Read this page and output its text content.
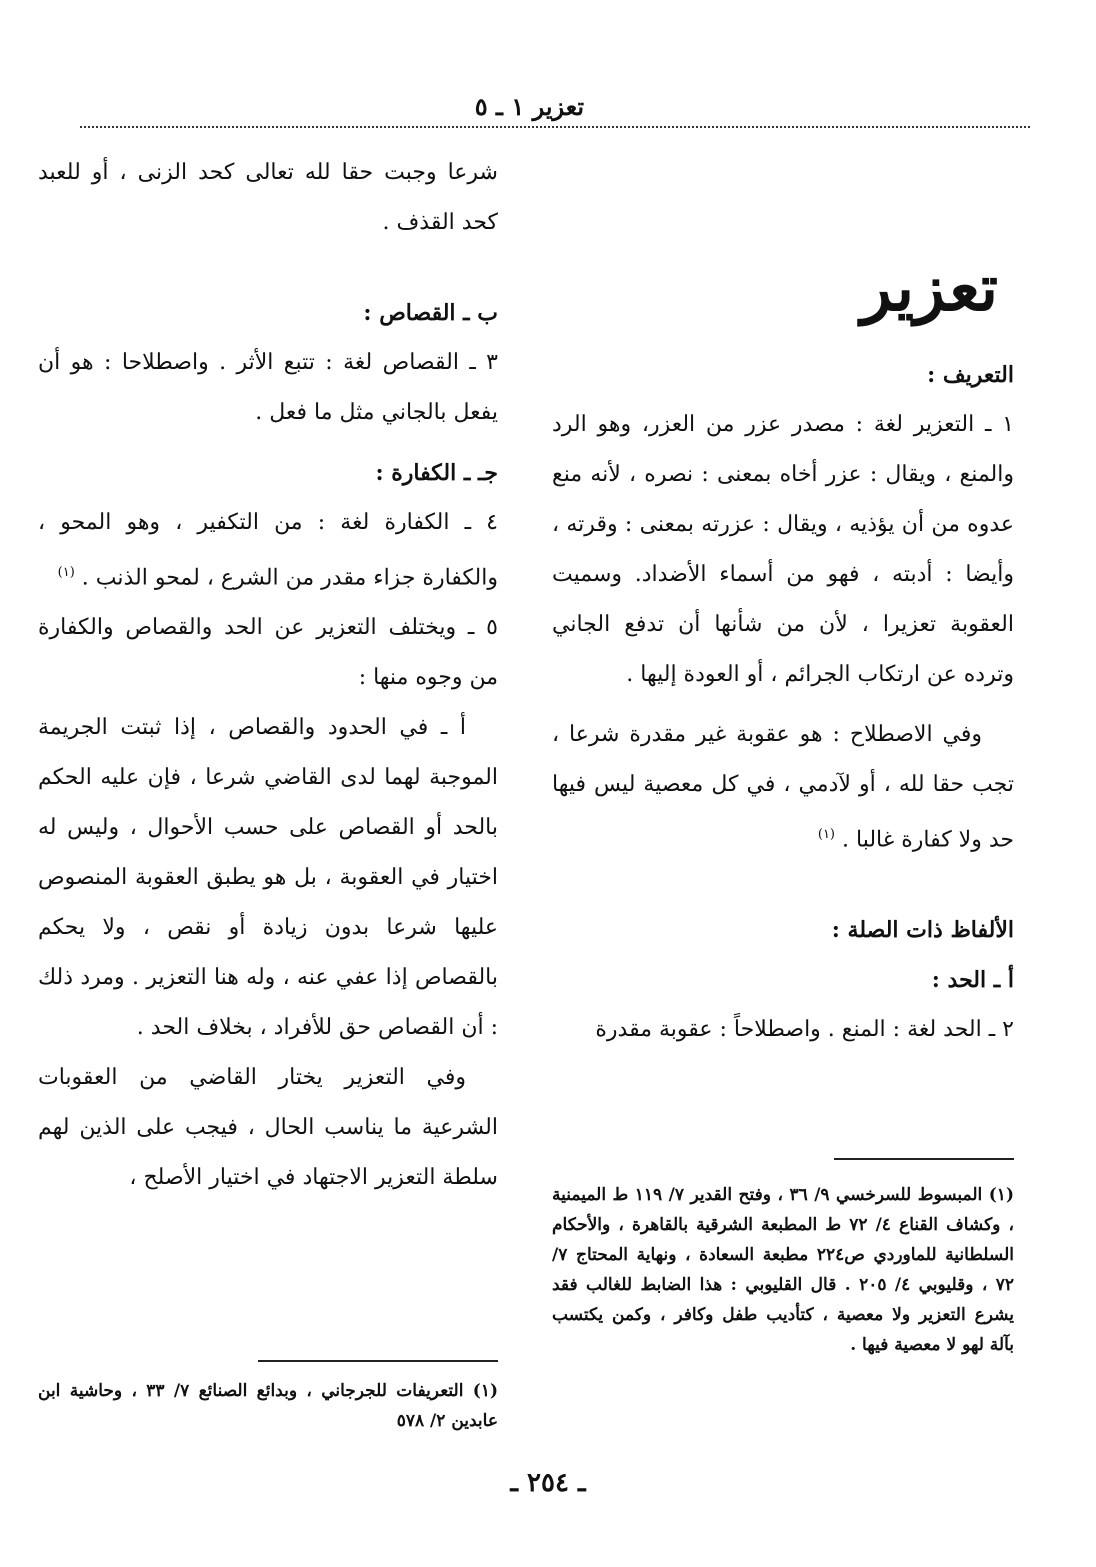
تعزير ١ ـ ٥
تعزير

التعريف :

١ ـ التعزير لغة : مصدر عزر من العزر، وهو الرد والمنع ، ويقال : عزر أخاه بمعنى : نصره ، لأنه منع عدوه من أن يؤذيه ، ويقال : عزرته بمعنى : وقرته ، وأيضا : أدبته ، فهو من أسماء الأضداد. وسميت العقوبة تعزيرا ، لأن من شأنها أن تدفع الجاني وترده عن ارتكاب الجرائم ، أو العودة إليها .

وفي الاصطلاح : هو عقوبة غير مقدرة شرعا ، تجب حقا لله ، أو لآدمي ، في كل معصية ليس فيها حد ولا كفارة غالبا . $^{(١)}$

الألفاظ ذات الصلة :

أ ـ الحد :

٢ ـ الحد لغة : المنع . واصطلاحاً : عقوبة مقدرة

شرعا وجبت حقا لله تعالى كحد الزنى ، أو للعبد كحد القذف .

ب ـ القصاص :

٣ ـ القصاص لغة : تتبع الأثر . واصطلاحا : هو أن يفعل بالجاني مثل ما فعل .

جـ ـ الكفارة :

٤ ـ الكفارة لغة : من التكفير ، وهو المحو ، والكفارة جزاء مقدر من الشرع ، لمحو الذنب . $^{(١)}$

٥ ـ ويختلف التعزير عن الحد والقصاص والكفارة من وجوه منها :

أ ـ في الحدود والقصاص ، إذا ثبتت الجريمة الموجبة لهما لدى القاضي شرعا ، فإن عليه الحكم بالحد أو القصاص على حسب الأحوال ، وليس له اختيار في العقوبة ، بل هو يطبق العقوبة المنصوص عليها شرعا بدون زيادة أو نقص ، ولا يحكم بالقصاص إذا عفي عنه ، وله هنا التعزير . ومرد ذلك : أن القصاص حق للأفراد ، بخلاف الحد .

وفي التعزير يختار القاضي من العقوبات الشرعية ما يناسب الحال ، فيجب على الذين لهم سلطة التعزير الاجتهاد في اختيار الأصلح ،

(١) المبسوط للسرخسي ٩/ ٣٦ ، وفتح القدير ٧/ ١١٩ ط الميمنية ، وكشاف القناع ٤/ ٧٢ ط المطبعة الشرقية بالقاهرة ، والأحكام السلطانية للماوردي ص٢٢٤ مطبعة السعادة ، ونهاية المحتاج ٧/ ٧٢ ، وقليوبي ٤/ ٢٠٥ . قال القليوبي : هذا الضابط للغالب فقد يشرع التعزير ولا معصية ، كتأديب طفل وكافر ، وكمن يكتسب بآلة لهو لا معصية فيها .
(١) التعريفات للجرجاني ، وبدائع الصنائع ٧/ ٣٣ ، وحاشية ابن عابدين ٢/ ٥٧٨
ـ ٢٥٤ ـ
